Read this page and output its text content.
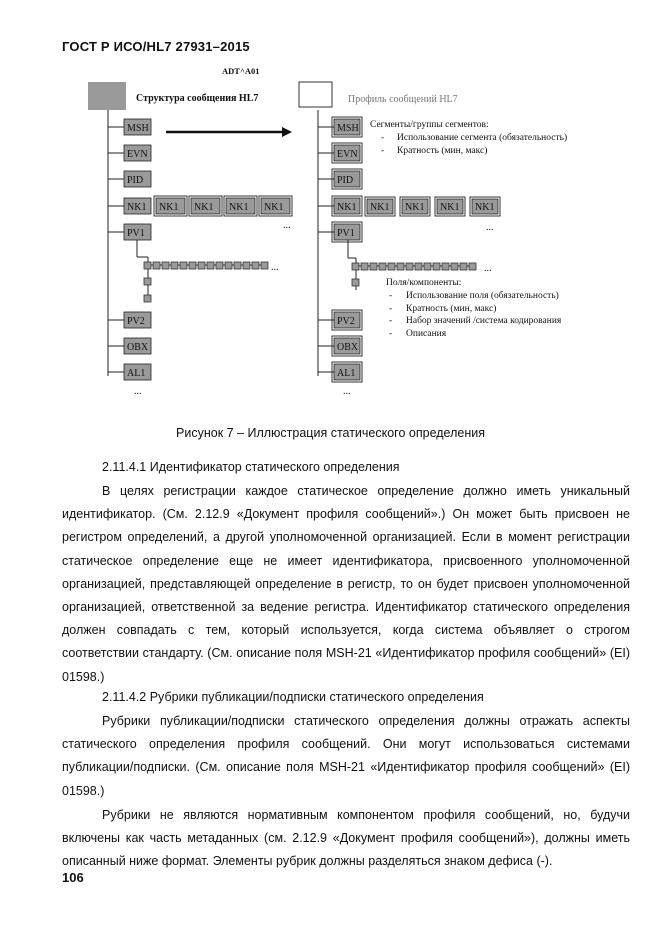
ГОСТ Р ИСО/HL7 27931–2015
Структура сообщения HL7
ADT^A01
Профиль сообщений HL7
MSH
EVN
PID
NK1
PV1
PV2
OBX
AL1
MSH
EVN
PID
NK1
PV1
PV2
OBX
AL1
NK1 NK1 NK1 NK1	NK1 NK1 NK1 NK1
...
...
...
...
...
...
Сегменты/группы сегментов:
- Использование сегмента (обязательность)
- Кратность (мин, макс)
Поля/компоненты:
- Использование поля (обязательность)
- Кратность (мин, макс)
- Набор значений /система кодирования
- Описания
Рисунок 7 – Иллюстрация статического определения
2.11.4.1 Идентификатор статического определения
В целях регистрации каждое статическое определение должно иметь уникальный идентификатор. (См. 2.12.9 «Документ профиля сообщений».) Он может быть присвоен не регистром определений, а другой уполномоченной организацией. Если в момент регистрации статическое определение еще не имеет идентификатора, присвоенного уполномоченной организацией, представляющей определение в регистр, то он будет присвоен уполномоченной организацией, ответственной за ведение регистра. Идентификатор статического определения должен совпадать с тем, который используется, когда система объявляет о строгом соответствии стандарту. (См. описание поля MSH-21 «Идентификатор профиля сообщений» (EI) 01598.)
2.11.4.2 Рубрики публикации/подписки статического определения
Рубрики публикации/подписки статического определения должны отражать аспекты статического определения профиля сообщений. Они могут использоваться системами публикации/подписки. (См. описание поля MSH-21 «Идентификатор профиля сообщений» (EI) 01598.)
Рубрики не являются нормативным компонентом профиля сообщений, но, будучи включены как часть метаданных (см. 2.12.9 «Документ профиля сообщений»), должны иметь описанный ниже формат. Элементы рубрик должны разделяться знаком дефиса (-).
106
